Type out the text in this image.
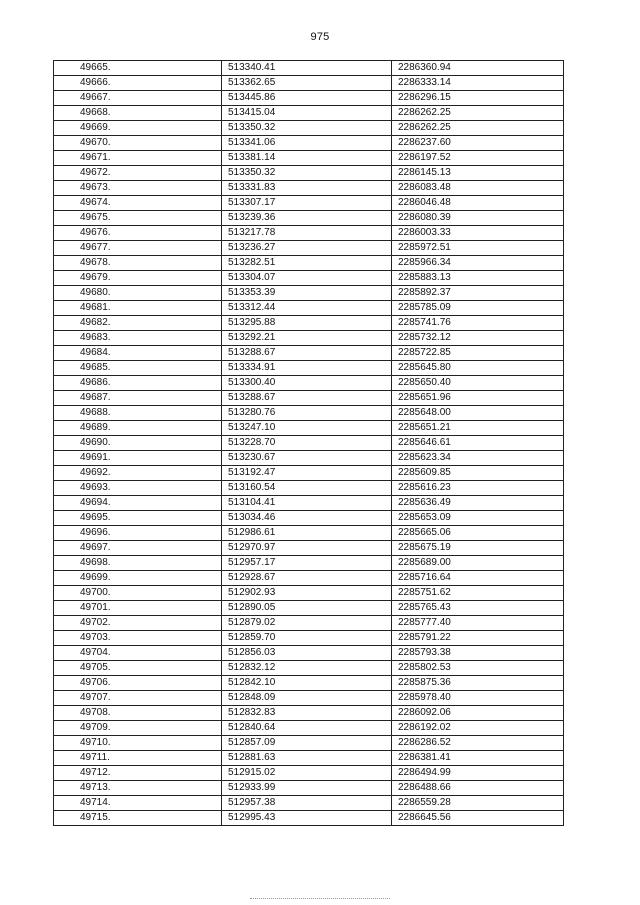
975
49665.	513340.41	2286360.94
49666.	513362.65	2286333.14
49667.	513445.86	2286296.15
49668.	513415.04	2286262.25
49669.	513350.32	2286262.25
49670.	513341.06	2286237.60
49671.	513381.14	2286197.52
49672.	513350.32	2286145.13
49673.	513331.83	2286083.48
49674.	513307.17	2286046.48
49675.	513239.36	2286080.39
49676.	513217.78	2286003.33
49677.	513236.27	2285972.51
49678.	513282.51	2285966.34
49679.	513304.07	2285883.13
49680.	513353.39	2285892.37
49681.	513312.44	2285785.09
49682.	513295.88	2285741.76
49683.	513292.21	2285732.12
49684.	513288.67	2285722.85
49685.	513334.91	2285645.80
49686.	513300.40	2285650.40
49687.	513288.67	2285651.96
49688.	513280.76	2285648.00
49689.	513247.10	2285651.21
49690.	513228.70	2285646.61
49691.	513230.67	2285623.34
49692.	513192.47	2285609.85
49693.	513160.54	2285616.23
49694.	513104.41	2285636.49
49695.	513034.46	2285653.09
49696.	512986.61	2285665.06
49697.	512970.97	2285675.19
49698.	512957.17	2285689.00
49699.	512928.67	2285716.64
49700.	512902.93	2285751.62
49701.	512890.05	2285765.43
49702.	512879.02	2285777.40
49703.	512859.70	2285791.22
49704.	512856.03	2285793.38
49705.	512832.12	2285802.53
49706.	512842.10	2285875.36
49707.	512848.09	2285978.40
49708.	512832.83	2286092.06
49709.	512840.64	2286192.02
49710.	512857.09	2286286.52
49711.	512881.63	2286381.41
49712.	512915.02	2286494.99
49713.	512933.99	2286488.66
49714.	512957.38	2286559.28
49715.	512995.43	2286645.56
